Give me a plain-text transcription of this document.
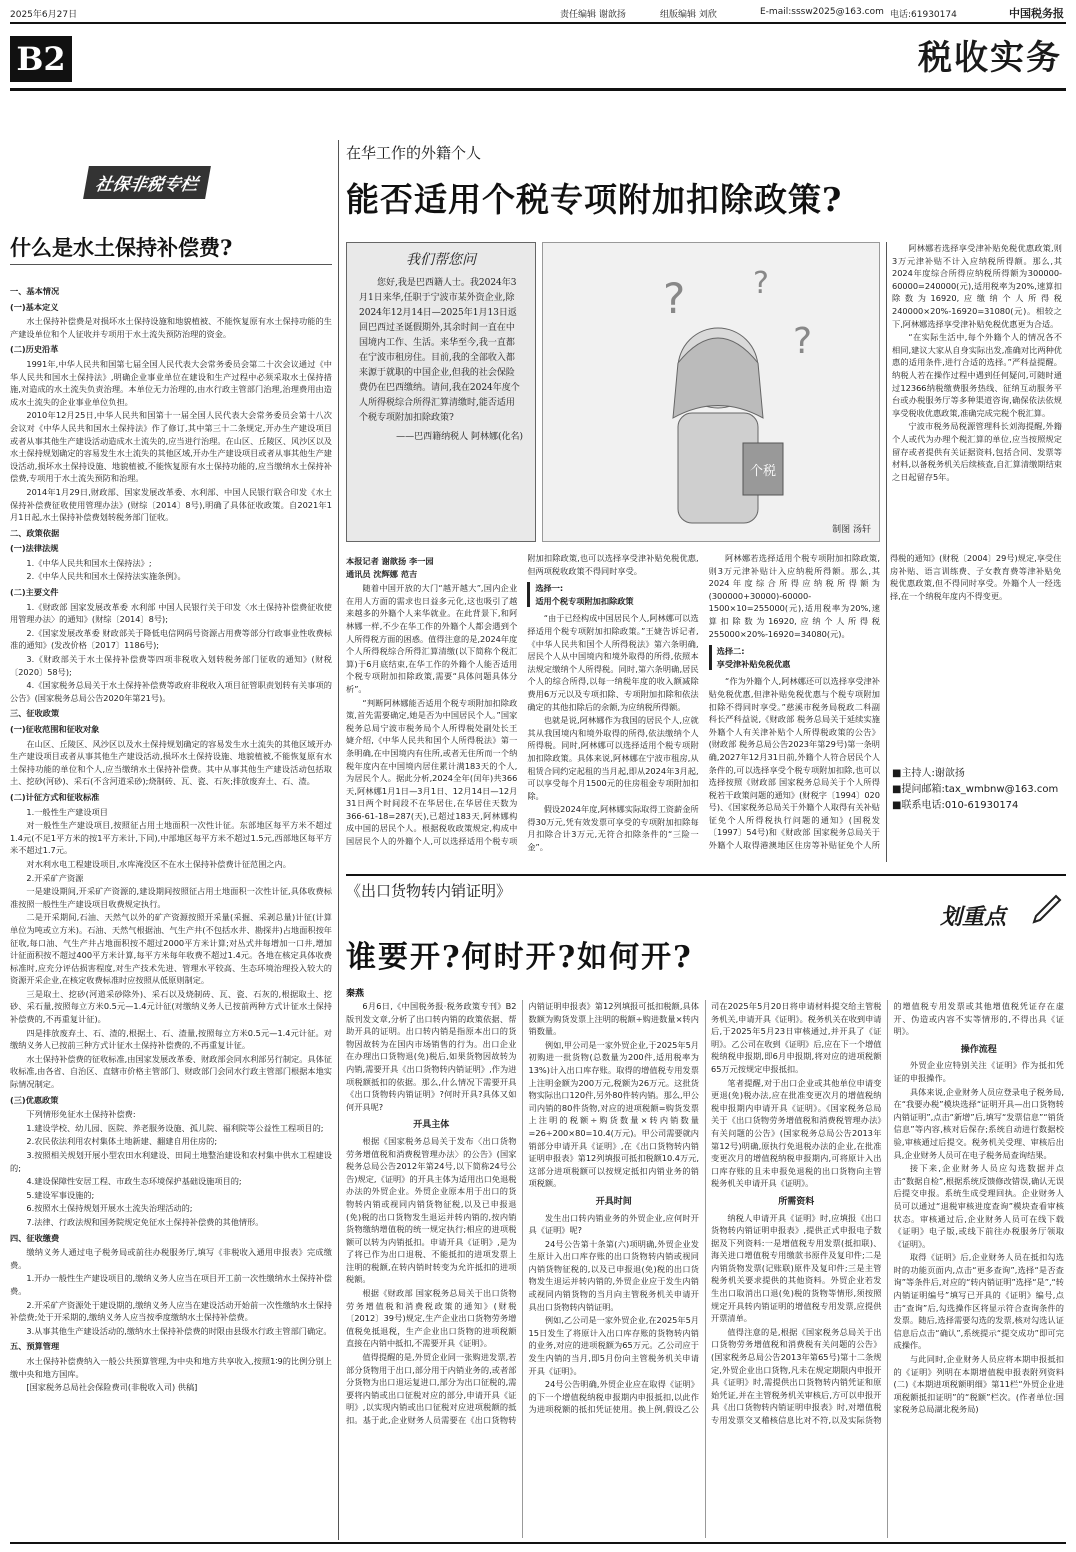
2025年6月27日	责任编辑 谢歆扬	组版编辑 刘欣	E-mail:sssw2025@163.com 电话:61930174	中国税务报
B2	税收实务
社保非税专栏
什么是水土保持补偿费?

一、基本情况

(一)基本定义

水土保持补偿费是对损坏水土保持设施和地貌植被、不能恢复原有水土保持功能的生产建设单位和个人征收并专项用于水土流失预防治理的资金。

(二)历史沿革

1991年,中华人民共和国第七届全国人民代表大会常务委员会第二十次会议通过《中华人民共和国水土保持法》,明确企业事业单位在建设和生产过程中必须采取水土保持措施,对造成的水土流失负责治理。本单位无力治理的,由水行政主管部门治理,治理费用由造成水土流失的企业事业单位负担。

2010年12月25日,中华人民共和国第十一届全国人民代表大会常务委员会第十八次会议对《中华人民共和国水土保持法》作了修订,其中第三十二条规定,开办生产建设项目或者从事其他生产建设活动造成水土流失的,应当进行治理。在山区、丘陵区、风沙区以及水土保持规划确定的容易发生水土流失的其他区域,开办生产建设项目或者从事其他生产建设活动,损坏水土保持设施、地貌植被,不能恢复原有水土保持功能的,应当缴纳水土保持补偿费,专项用于水土流失预防和治理。

2014年1月29日,财政部、国家发展改革委、水利部、中国人民银行联合印发《水土保持补偿费征收使用管理办法》(财综〔2014〕8号),明确了具体征收政策。自2021年1月1日起,水土保持补偿费划转税务部门征收。

二、政策依据

(一)法律法规

1.《中华人民共和国水土保持法》;

2.《中华人民共和国水土保持法实施条例》。

(二)主要文件

1.《财政部 国家发展改革委 水利部 中国人民银行关于印发〈水土保持补偿费征收使用管理办法〉的通知》(财综〔2014〕8号);

2.《国家发展改革委 财政部关于降低电信网码号资源占用费等部分行政事业性收费标准的通知》(发改价格〔2017〕1186号);

3.《财政部关于水土保持补偿费等四项非税收入划转税务部门征收的通知》(财税〔2020〕58号);

4.《国家税务总局关于水土保持补偿费等政府非税收入项目征管职责划转有关事项的公告》(国家税务总局公告2020年第21号)。

三、征收政策

(一)征收范围和征收对象

在山区、丘陵区、风沙区以及水土保持规划确定的容易发生水土流失的其他区域开办生产建设项目或者从事其他生产建设活动,损坏水土保持设施、地貌植被,不能恢复原有水土保持功能的单位和个人,应当缴纳水土保持补偿费。其中从事其他生产建设活动包括取土、挖砂(河砂)、采石(不含河道采砂);烧制砖、瓦、瓷、石灰;排放废弃土、石、渣。

(二)计征方式和征收标准

1.一般性生产建设项目

对一般性生产建设项目,按照征占用土地面积一次性计征。东部地区每平方米不超过1.4元(不足1平方米的按1平方米计,下同),中部地区每平方米不超过1.5元,西部地区每平方米不超过1.7元。

对水利水电工程建设项目,水库淹没区不在水土保持补偿费计征范围之内。

2.开采矿产资源

一是建设期间,开采矿产资源的,建设期间按照征占用土地面积一次性计征,具体收费标准按照一般性生产建设项目收费规定执行。

二是开采期间,石油、天然气以外的矿产资源按照开采量(采掘、采剥总量)计征(计算单位为吨或立方米)。石油、天然气根据油、气生产井(不包括水井、勘探井)占地面积按年征收,每口油、气生产井占地面积按不超过2000平方米计算;对丛式井每增加一口井,增加计征面积按不超过400平方米计算,每平方米每年收费不超过1.4元。各地在核定具体收费标准时,应充分评估损害程度,对生产技术先进、管理水平较高、生态环境治理投入较大的资源开采企业,在核定收费标准时应按照从低原则制定。

三是取土、挖砂(河道采砂除外)、采石以及烧制砖、瓦、瓷、石灰的,根据取土、挖砂、采石量,按照每立方米0.5元—1.4元计征(对缴纳义务人已按前两种方式计征水土保持补偿费的,不再重复计征)。

四是排放废弃土、石、渣的,根据土、石、渣量,按照每立方米0.5元—1.4元计征。对缴纳义务人已按前三种方式计征水土保持补偿费的,不再重复计征。

水土保持补偿费的征收标准,由国家发展改革委、财政部会同水利部另行制定。具体征收标准,由各省、自治区、直辖市价格主管部门、财政部门会同水行政主管部门根据本地实际情况制定。

(三)优惠政策

下列情形免征水土保持补偿费:

1.建设学校、幼儿园、医院、养老服务设施、孤儿院、福利院等公益性工程项目的;

2.农民依法利用农村集体土地新建、翻建自用住房的;

3.按照相关规划开展小型农田水利建设、田间土地整治建设和农村集中供水工程建设的;

4.建设保障性安居工程、市政生态环境保护基础设施项目的;

5.建设军事设施的;

6.按照水土保持规划开展水土流失治理活动的;

7.法律、行政法规和国务院规定免征水土保持补偿费的其他情形。

四、征收缴费

缴纳义务人通过电子税务局或前往办税服务厅,填写《非税收入通用申报表》完成缴费。

1.开办一般性生产建设项目的,缴纳义务人应当在项目开工前一次性缴纳水土保持补偿费。

2.开采矿产资源处于建设期的,缴纳义务人应当在建设活动开始前一次性缴纳水土保持补偿费;处于开采期的,缴纳义务人应当按季度缴纳水土保持补偿费。

3.从事其他生产建设活动的,缴纳水土保持补偿费的时限由县级水行政主管部门确定。

五、预算管理

水土保持补偿费纳入一般公共预算管理,为中央和地方共享收入,按照1∶9的比例分别上缴中央和地方国库。

[国家税务总局社会保险费司(非税收入司) 供稿]

在华工作的外籍个人
能否适用个税专项附加扣除政策?
我们帮您问
您好,我是巴西籍人士。我2024年3月1日来华,任职于宁波市某外资企业,除2024年12月14日—2025年1月13日返回巴西过圣诞假期外,其余时间一直在中国境内工作、生活。来华至今,我一直都在宁波市租房住。目前,我的全部收入都来源于就职的中国企业,但我的社会保险费仍在巴西缴纳。请问,我在2024年度个人所得税综合所得汇算清缴时,能否适用个税专项附加扣除政策?
——巴西籍纳税人 阿林娜(化名)
? ?
?
个税
制图 汤轩

本报记者 谢歆扬 李一园
通讯员 沈辉娜 范吉

随着中国开放的大门“越开越大”,国内企业在用人方面的需求也日益多元化,这也吸引了越来越多的外籍个人来华就业。在此背景下,和阿林娜一样,不少在华工作的外籍个人都会遇到个人所得税方面的困惑。值得注意的是,2024年度个人所得税综合所得汇算清缴(以下简称个税汇算)于6月底结束,在华工作的外籍个人能否适用个税专项附加扣除政策,需要“具体问题具体分析”。

“判断阿林娜能否适用个税专项附加扣除政策,首先需要确定,她是否为中国居民个人。”国家税务总局宁波市税务局个人所得税处副处长王婕介绍,《中华人民共和国个人所得税法》第一条明确,在中国境内有住所,或者无住所而一个纳税年度内在中国境内居住累计满183天的个人,为居民个人。据此分析,2024全年(闰年)共366天,阿林娜1月1日—3月1日、12月14日—12月31日两个时间段不在华居住,在华居住天数为366-61-18=287(天),已超过183天,阿林娜构成中国的居民个人。根据税收政策规定,构成中国居民个人的外籍个人,可以选择适用个税专项附加扣除政策,也可以选择享受津补贴免税优惠,但两项税收政策不得同时享受。

选择一:
适用个税专项附加扣除政策

“由于已经构成中国居民个人,阿林娜可以选择适用个税专项附加扣除政策。”王婕告诉记者,《中华人民共和国个人所得税法》第六条明确,居民个人从中国境内和境外取得的所得,依照本法规定缴纳个人所得税。同时,第六条明确,居民个人的综合所得,以每一纳税年度的收入额减除费用6万元以及专项扣除、专项附加扣除和依法确定的其他扣除后的余额,为应纳税所得额。

也就是说,阿林娜作为我国的居民个人,应就其从我国境内和境外取得的所得,依法缴纳个人所得税。同时,阿林娜可以选择适用个税专项附加扣除政策。具体来说,阿林娜在宁波市租房,从租赁合同约定起租的当月起,即从2024年3月起,可以享受每个月1500元的住房租金专项附加扣除。

假设2024年度,阿林娜实际取得工资薪金所得30万元,凭有效发票可享受的专项附加扣除每月扣除合计3万元,无符合扣除条件的“三险一金”。

阿林娜若选择适用个税专项附加扣除政策,则3万元津补贴计入应纳税所得额。那么,其2024年度综合所得应纳税所得额为(300000+30000)-60000-1500×10=255000(元),适用税率为20%,速算扣除数为16920,应纳个人所得税255000×20%-16920=34080(元)。

选择二:
享受津补贴免税优惠

“作为外籍个人,阿林娜还可以选择享受津补贴免税优惠,但津补贴免税优惠与个税专项附加扣除不得同时享受。”慈溪市税务局税政二科副科长严科益说,《财政部 税务总局关于延续实施外籍个人有关津补贴个人所得税政策的公告》(财政部 税务总局公告2023年第29号)第一条明确,2027年12月31日前,外籍个人符合居民个人条件的,可以选择享受个税专项附加扣除,也可以选择按照《财政部 国家税务总局关于个人所得税若干政策问题的通知》(财税字〔1994〕020号)、《国家税务总局关于外籍个人取得有关补贴征免个人所得税执行问题的通知》(国税发〔1997〕54号)和《财政部 国家税务总局关于外籍个人取得港澳地区住房等补贴征免个人所得税的通知》(财税〔2004〕29号)规定,享受住房补贴、语言训练费、子女教育费等津补贴免税优惠政策,但不得同时享受。外籍个人一经选择,在一个纳税年度内不得变更。

阿林娜若选择享受津补贴免税优惠政策,则3万元津补贴不计入应纳税所得额。那么,其2024年度综合所得应纳税所得额为300000-60000=240000(元),适用税率为20%,速算扣除数为16920,应缴纳个人所得税240000×20%-16920=31080(元)。相较之下,阿林娜选择享受津补贴免税优惠更为合适。

“在实际生活中,每个外籍个人的情况各不相同,建议大家从自身实际出发,准确对比两种优惠的适用条件,进行合适的选择。”严科益提醒。纳税人若在操作过程中遇到任何疑问,可随时通过12366纳税缴费服务热线、征纳互动服务平台或办税服务厅等多种渠道咨询,确保依法依规享受税收优惠政策,准确完成完税个税汇算。

宁波市税务局税源管理科长刘海提醒,外籍个人或代为办理个税汇算的单位,应当按照规定留存或者提供有关证据资料,包括合同、发票等材料,以备税务机关后续核查,自汇算清缴期结束之日起留存5年。

■主持人:谢歆扬
■提问邮箱:tax_wmbnw@163.com
■联系电话:010-61930174
《出口货物转内销证明》
谁要开?何时开?如何开?
划重点
秦燕

6月6日,《中国税务报·税务政策专刊》B2版刊发文章,分析了出口转内销的政策依据、帮助开具的证明。出口转内销是指原本出口的货物因故转为在国内市场销售的行为。出口企业在办理出口货物退(免)税后,如果货物因故转为内销,需要开具《出口货物转内销证明》,作为进项税额抵扣的依据。那么,什么情况下需要开具《出口货物转内销证明》?何时开具?具体又如何开具呢?

开具主体

根据《国家税务总局关于发布〈出口货物劳务增值税和消费税管理办法〉的公告》(国家税务总局公告2012年第24号,以下简称24号公告)规定,《证明》的开具主体为适用出口免退税办法的外贸企业。外贸企业原本用于出口的货物转内销或视同内销货物征税,以及已申报退(免)税的出口货物发生退运并转内销的,按内销货物缴纳增值税的统一规定执行;相应的进项税额可以转为内销抵扣。申请开具《证明》,是为了将已作为出口退税、不能抵扣的进项发票上注明的税额,在转内销时转变为允许抵扣的进项税额。

根据《财政部 国家税务总局关于出口货物劳务增值税和消费税政策的通知》(财税〔2012〕39号)规定,生产企业出口货物劳务增值税免抵退税，生产企业出口货物的进项税额直接在内销中抵扣,不需要开具《证明》。

值得提醒的是,外贸企业同一张购进发票,若部分货物用于出口,部分用于内销业务的,或者部分货物为出口退运复进口,部分为出口征税的,需要将内销或出口征税对应的部分,申请开具《证明》,以实现内销或出口征税对应进项税额的抵扣。基于此,企业财务人员需要在《出口货物转内销证明申报表》第12列填报可抵扣税额,具体数额为购货发票上注明的税额÷购进数量×转内销数量。

例如,甲公司是一家外贸企业,于2025年5月初购进一批货物(总数量为200件,适用税率为13%)计入出口库存账。取得的增值税专用发票上注明金额为200万元,税额为26万元。这批货物实际出口120件,另外80件转内销。那么,甲公司内销的80件货物,对应的进项税额=购货发票上注明的税额÷购货数量×转内销数量=26÷200×80=10.4(万元)。甲公司需要就内销部分申请开具《证明》,在《出口货物转内销证明申报表》第12列填报可抵扣税额10.4万元,这部分进项税额可以按规定抵扣内销业务的销项税额。

开具时间

发生出口转内销业务的外贸企业,应何时开具《证明》呢?

24号公告第十条第(六)项明确,外贸企业发生原计入出口库存账的出口货物转内销或视同内销货物征税的,以及已申报退(免)税的出口货物发生退运并转内销的,外贸企业应于发生内销或视同内销货物的当月向主管税务机关申请开具出口货物转内销证明。

例如,乙公司是一家外贸企业,在2025年5月15日发生了将原计入出口库存账的货物转内销的业务,对应的进项税额为65万元。乙公司应于发生内销的当月,即5月份向主管税务机关申请开具《证明》。

24号公告明确,外贸企业应在取得《证明》的下一个增值税纳税申报期内申报抵扣,以此作为进项税额的抵扣凭证使用。换上例,假设乙公司在2025年5月20日将申请材料提交给主管税务机关,申请开具《证明》。税务机关在收到申请后,于2025年5月23日审核通过,并开具了《证明》。乙公司在收到《证明》后,应在下一个增值税纳税申报期,即6月申报期,将对应的进项税额65万元按规定申报抵扣。

笔者提醒,对于出口企业或其他单位申请变更退(免)税办法,应在批准变更次月的增值税纳税申报期内申请开具《证明》。《国家税务总局关于《出口货物劳务增值税和消费税管理办法》有关问题的公告》(国家税务总局公告2013年第12号)明确,原执行免退税办法的企业,在批准变更次月的增值税纳税申报期内,可将原计入出口库存账的且未申报免退税的出口货物向主管税务机关申请开具《证明》。

所需资料

纳税人申请开具《证明》时,应填报《出口货物转内销证明申报表》,提供正式申报电子数据及下列资料:一是增值税专用发票(抵扣联)、海关进口增值税专用缴款书原件及复印件;二是内销货物发票(记账联)原件及复印件;三是主管税务机关要求提供的其他资料。外贸企业若发生出口取消出口退(免)税的货物等情形,须按照规定开具转内销证明的增值税专用发票,应提供开票清单。

值得注意的是,根据《国家税务总局关于出口货物劳务增值税和消费税有关问题的公告》(国家税务总局公告2013年第65号)第十二条规定,外贸企业出口货物,凡未在规定期限内申报开具《证明》时,需提供出口货物转内销凭证和原始凭证,并在主管税务机关审核后,方可以申报开具《出口货物转内销证明申报表》时,对增值税专用发票交叉稽核信息比对不符,以及实际货物的增值税专用发票或其他增值税凭证存在虚开、伪造或内容不实等情形的,不得出具《证明》。

操作流程

外贸企业应特别关注《证明》作为抵扣凭证的申报操作。

具体来说,企业财务人员应登录电子税务局,在“我要办税”模块选择“证明开具—出口货物转内销证明”,点击“新增”后,填写“发票信息”“销货信息”等内容,核对后保存;系统自动进行数据校验,审核通过后提交。税务机关受理、审核后出具,企业财务人员可在电子税务局查询结果。

接下来,企业财务人员应勾选数据并点击“数据自检”,根据系统反馈修改错误,确认无误后提交申报。系统生成受理回执。企业财务人员可以通过“退税审核进度查询”模块查看审核状态。审核通过后,企业财务人员可在线下载《证明》电子版,或线下前往办税服务厅领取《证明》。

取得《证明》后,企业财务人员在抵扣勾选时的功能页面内,点击“更多查询”,选择“是否查询”等条件后,对应的“转内销证明”选择“是”,“转内销证明编号”填写已开具的《证明》编号,点击“查询”后,勾选操作区将显示符合查询条件的发票。随后,选择需要勾选的发票,核对勾选认证信息后点击“确认”,系统提示“提交成功”即可完成操作。

与此同时,企业财务人员应将本期申报抵扣的《证明》列明在本期增值税申报表附列资料(二)《本期进项税额明细》第11栏“外贸企业进项税额抵扣证明”的“税额”栏次。(作者单位:国家税务总局湖北税务局)
